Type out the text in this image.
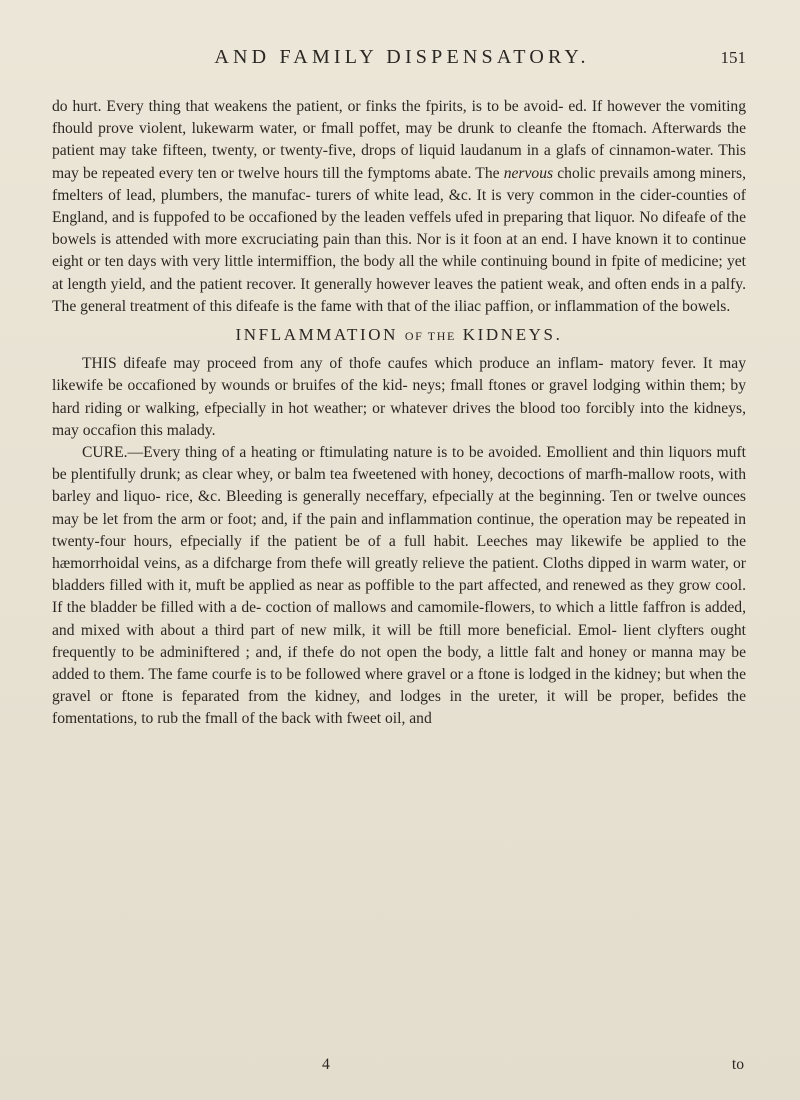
AND FAMILY DISPENSATORY.	151

do hurt. Every thing that weakens the patient, or finks the fpirits, is to be avoid- ed. If however the vomiting fhould prove violent, lukewarm water, or fmall poffet, may be drunk to cleanfe the ftomach. Afterwards the patient may take fifteen, twenty, or twenty-five, drops of liquid laudanum in a glafs of cinnamon-water. This may be repeated every ten or twelve hours till the fymptoms abate. The nervous cholic prevails among miners, fmelters of lead, plumbers, the manufac- turers of white lead, &c. It is very common in the cider-counties of England, and is fuppofed to be occafioned by the leaden veffels ufed in preparing that liquor. No difeafe of the bowels is attended with more excruciating pain than this. Nor is it foon at an end. I have known it to continue eight or ten days with very little intermiffion, the body all the while continuing bound in fpite of medicine; yet at length yield, and the patient recover. It generally however leaves the patient weak, and often ends in a palfy. The general treatment of this difeafe is the fame with that of the iliac paffion, or inflammation of the bowels.

INFLAMMATION OF THE KIDNEYS.

THIS difeafe may proceed from any of thofe caufes which produce an inflam- matory fever. It may likewife be occafioned by wounds or bruifes of the kid- neys; fmall ftones or gravel lodging within them; by hard riding or walking, efpecially in hot weather; or whatever drives the blood too forcibly into the kidneys, may occafion this malady.

CURE.—Every thing of a heating or ftimulating nature is to be avoided. Emollient and thin liquors muft be plentifully drunk; as clear whey, or balm tea fweetened with honey, decoctions of marfh-mallow roots, with barley and liquo- rice, &c. Bleeding is generally neceffary, efpecially at the beginning. Ten or twelve ounces may be let from the arm or foot; and, if the pain and inflammation continue, the operation may be repeated in twenty-four hours, efpecially if the patient be of a full habit. Leeches may likewife be applied to the hæmorrhoidal veins, as a difcharge from thefe will greatly relieve the patient. Cloths dipped in warm water, or bladders filled with it, muft be applied as near as poffible to the part affected, and renewed as they grow cool. If the bladder be filled with a de- coction of mallows and camomile-flowers, to which a little faffron is added, and mixed with about a third part of new milk, it will be ftill more beneficial. Emol- lient clyfters ought frequently to be adminiftered ; and, if thefe do not open the body, a little falt and honey or manna may be added to them. The fame courfe is to be followed where gravel or a ftone is lodged in the kidney; but when the gravel or ftone is feparated from the kidney, and lodges in the ureter, it will be proper, befides the fomentations, to rub the fmall of the back with fweet oil, and

4	to
